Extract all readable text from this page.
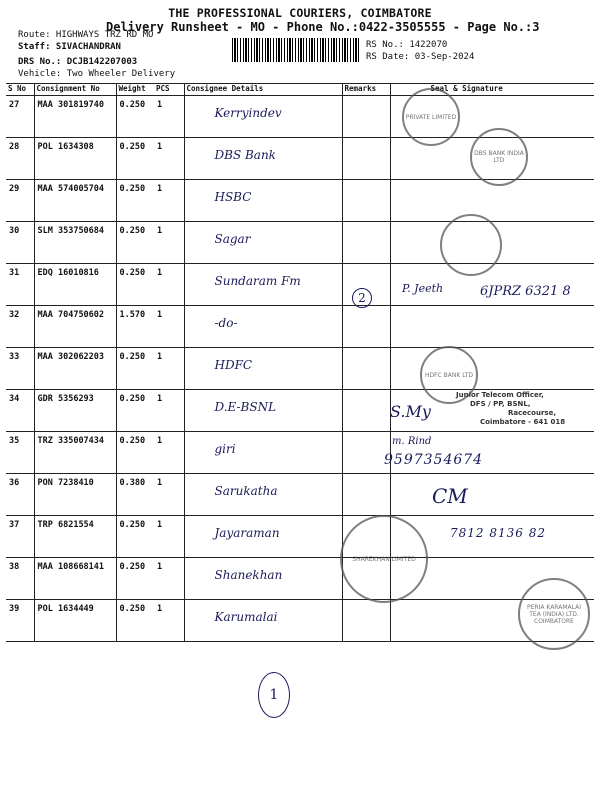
THE PROFESSIONAL COURIERS, COIMBATORE
Delivery Runsheet - MO - Phone No.:0422-3505555 - Page No.:3
Route: HIGHWAYS TRZ RD MO
Staff: SIVACHANDRAN
DRS No.: DCJB142207003
Vehicle: Two Wheeler Delivery
RS No.: 1422070
RS Date: 03-Sep-2024
S No	Consignment No	Weight	PCS	Consignee Details	Remarks	Seal & Signature

27	MAA 301819740	0.250	1	Kerryindev		

28	POL 1634308	0.250	1	DBS Bank		

29	MAA 574005704	0.250	1	HSBC		

30	SLM 353750684	0.250	1	Sagar		

31	EDQ 16010816	0.250	1	Sundaram Fm		

32	MAA 704750602	1.570	1	-do-		

33	MAA 302062203	0.250	1	HDFC		

34	GDR 5356293	0.250	1	D.E-BSNL		

35	TRZ 335007434	0.250	1	giri		

36	PON 7238410	0.380	1	Sarukatha		

37	TRP 6821554	0.250	1	Jayaraman		

38	MAA 108668141	0.250	1	Shanekhan		

39	POL 1634449	0.250	1	Karumalai		

PRIVATE LIMITED
DBS BANK INDIA LTD
HDFC BANK LTD
SHAREKHAN LIMITED
PERIA KARAMALAI TEA (INDIA) LTD. COIMBATORE
Junior Telecom Officer,
DFS / PP, BSNL,
Racecourse,
Coimbatore - 641 018
P. Jeeth	6JPRZ 6321 8
2
S.My
m. Rind
9597354674
CM
7812 8136 82
1
